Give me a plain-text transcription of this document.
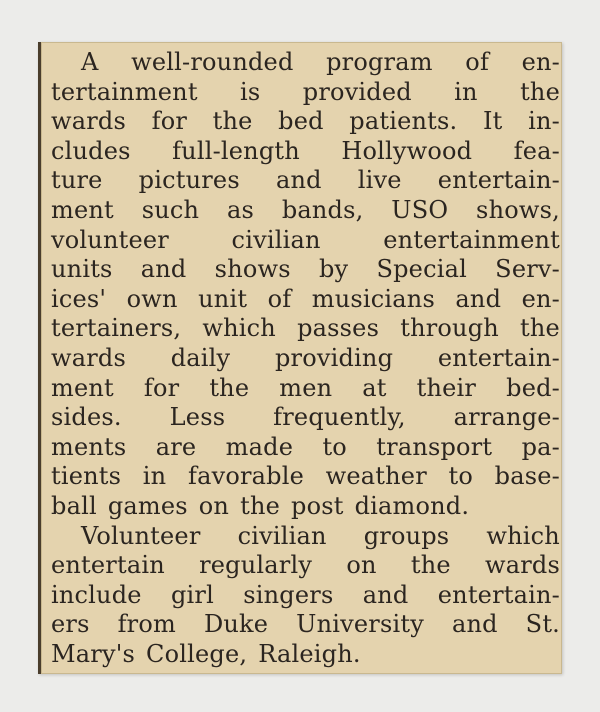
A well-rounded program of en-
tertainment is provided in the
wards for the bed patients. It in-
cludes full-length Hollywood fea-
ture pictures and live entertain-
ment such as bands, USO shows,
volunteer	civilian	entertainment
units and shows by Special Serv-
ices' own unit of musicians and en-
tertainers, which passes through the
wards daily providing entertain-
ment for the men at their bed-
sides. Less frequently, arrange-
ments are made to transport pa-
tients in favorable weather to base-
ball games on the post diamond.
Volunteer civilian groups which
entertain regularly on the wards
include girl singers and entertain-
ers from Duke University and St.
Mary's College, Raleigh.
